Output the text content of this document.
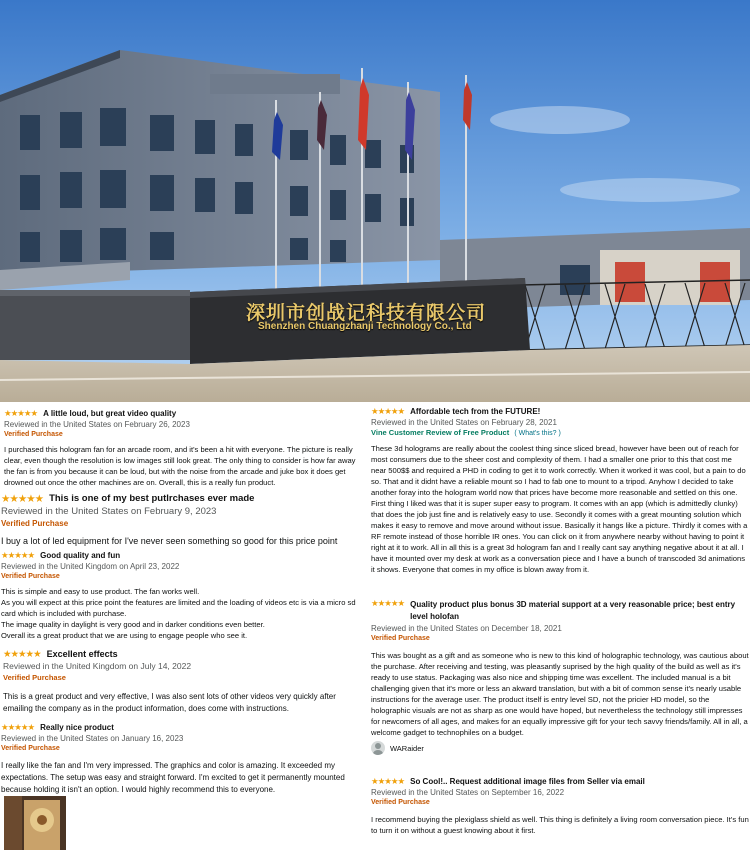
深圳市创战记科技有限公司
Shenzhen Chuangzhanji Technology Co., Ltd
★★★★★ A little loud, but great video quality
Reviewed in the United States on February 26, 2023
Verified Purchase

I purchased this hologram fan for an arcade room, and it's been a hit with everyone. The picture is really clear, even though the resolution is low images still look great. The only thing to consider is how far away the fan is from you because it can be loud, but with the noise from the arcade and juke box it does get drowned out once the other machines are on. Overall, this is a really fun product.

★★★★★ This is one of my best putlrchases ever made
Reviewed in the United States on February 9, 2023
Verified Purchase

I buy a lot of led equipment for I've never seen something so good for this price point

★★★★★ Good quality and fun
Reviewed in the United Kingdom on April 23, 2022
Verified Purchase

This is simple and easy to use product. The fan works well.

As you will expect at this price point the features are limited and the loading of videos etc is via a micro sd card which is included with purchase.

The image quality in daylight is very good and in darker conditions even better.

Overall its a great product that we are using to engage people who see it.

★★★★★ Excellent effects
Reviewed in the United Kingdom on July 14, 2022
Verified Purchase

This is a great product and very effective, I was also sent lots of other videos very quickly after emailing the company as in the product information, does come with instructions.

★★★★★ Really nice product
Reviewed in the United States on January 16, 2023
Verified Purchase

I really like the fan and I'm very impressed. The graphics and color is amazing. It exceeded my expectations. The setup was easy and straight forward. I'm excited to get it permanently mounted because holding it isn't an option. I would highly recommend this to everyone.

★★★★★ Affordable tech from the FUTURE!
Reviewed in the United States on February 28, 2021
Vine Customer Review of Free Product ( What's this? )

These 3d holograms are really about the coolest thing since sliced bread, however have been out of reach for most consumers due to the sheer cost and complexity of them. I had a smaller one prior to this that cost me near 500$$ and required a PHD in coding to get it to work correctly. When it worked it was cool, but a pain to do so. That and it didnt have a reliable mount so I had to fab one to mount to a tripod. Anyhow I decided to take another foray into the hologram world now that prices have become more reasonable and settled on this one. First thing I liked was that it is super super easy to program. It comes with an app (which is admittedly clunky) that does the job just fine and is relatively easy to use. Secondly it comes with a great mounting solution which makes it easy to remove and move around without issue. Basically it hangs like a picture. Thirdly it comes with a RF remote instead of those horrible IR ones. You can click on it from anywhere nearby without having to point it right at it to work. All in all this is a great 3d hologram fan and I really cant say anything negative about it at all. I have it mounted over my desk at work as a conversation piece and I have a bunch of transcoded 3d animations it shows. Everyone that comes in my office is blown away from it.

★★★★★ Quality product plus bonus 3D material support at a very reasonable price; best entry level holofan
Reviewed in the United States on December 18, 2021
Verified Purchase

This was bought as a gift and as someone who is new to this kind of holographic technology, was cautious about the purchase. After receiving and testing, was pleasantly suprised by the high quality of the build as well as it's ready to use status. Packaging was also nice and shipping time was excellent. The included manual is a bit challenging given that it's more or less an akward translation, but with a bit of common sense it's nearly usable instructions for the average user. The product itself is entry level SD, not the pricier HD model, so the holographic visuals are not as sharp as one would have hoped, but nevertheless the technology still impresses for newcomers of all ages, and makes for an equally impressive gift for your tech savvy friends/family. All in all, a welcome gadget to technophiles on a budget.

WARaider
★★★★★ So Cool!.. Request additional image files from Seller via email
Reviewed in the United States on September 16, 2022
Verified Purchase

I recommend buying the plexiglass shield as well. This thing is definitely a living room conversation piece. It's fun to turn it on without a guest knowing about it first.
